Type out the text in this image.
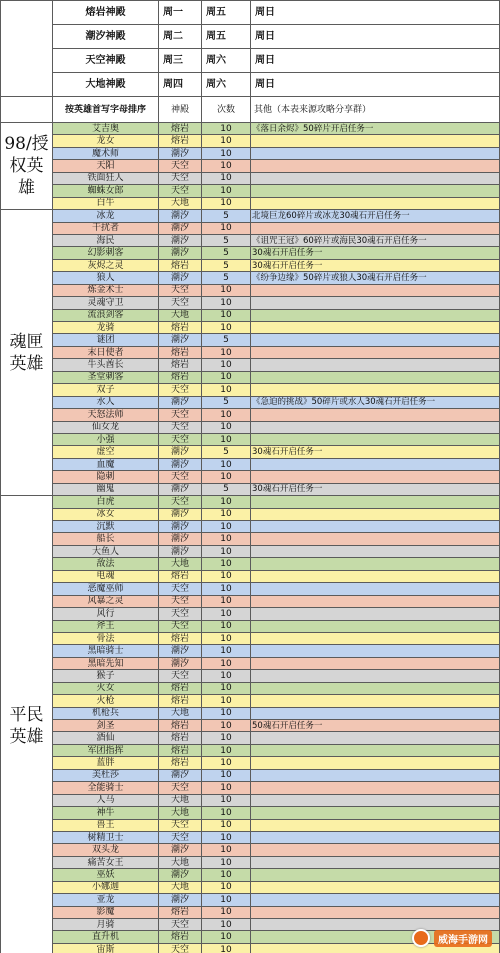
	熔岩神殿	周一	周五	周日
	潮汐神殿	周二	周五	周日
	天空神殿	周三	周六	周日
	大地神殿	周四	周六	周日
	按英雄首写字母排序	神殿	次数	其他（本表来源攻略分享群）
98/授权英雄	艾吉奥	熔岩	10	《落日余烬》50碎片开启任务一
	龙女	熔岩	10	
	魔术师	潮汐	10	
	天阳	天空	10	
	铁面狂人	天空	10	
	蜘蛛女郎	天空	10	
	白牛	大地	10	
魂匣英雄	冰龙	潮汐	5	北境巨龙60碎片或冰龙30魂石开启任务一
	干扰者	潮汐	10	
	海民	潮汐	5	《诅咒王冠》60碎片或海民30魂石开启任务一
	幻影刺客	潮汐	5	30魂石开启任务一
	灰烬之灵	熔岩	5	30魂石开启任务一
	狼人	潮汐	5	《纷争边缘》50碎片或狼人30魂石开启任务一
	炼金术士	天空	10	
	灵魂守卫	天空	10	
	流浪剑客	大地	10	
	龙骑	熔岩	10	
	谜团	潮汐	5	
	末日使者	熔岩	10	
	牛头酋长	熔岩	10	
	圣堂刺客	熔岩	10	
	双子	天空	10	
	水人	潮汐	5	《急迫的挑战》50碎片或水人30魂石开启任务一
	天怒法师	天空	10	
	仙女龙	天空	10	
	小强	天空	10	
	虚空	潮汐	5	30魂石开启任务一
	血魔	潮汐	10	
	隐刺	天空	10	
	幽鬼	潮汐	5	30魂石开启任务一
平民英雄	白虎	天空	10	
	冰女	潮汐	10	
	沉默	潮汐	10	
	船长	潮汐	10	
	大鱼人	潮汐	10	
	敌法	大地	10	
	电魂	熔岩	10	
	恶魔巫师	天空	10	
	风暴之灵	天空	10	
	风行	天空	10	
	斧王	天空	10	
	骨法	熔岩	10	
	黑暗骑士	潮汐	10	
	黑暗先知	潮汐	10	
	猴子	天空	10	
	火女	熔岩	10	
	火枪	熔岩	10	
	机枪兵	大地	10	
	剑圣	熔岩	10	50魂石开启任务一
	酒仙	熔岩	10	
	军团指挥	熔岩	10	
	蓝胖	熔岩	10	
	美杜莎	潮汐	10	
	全能骑士	天空	10	
	人马	大地	10	
	神牛	大地	10	
	兽王	天空	10	
	树精卫士	天空	10	
	双头龙	潮汐	10	
	痛苦女王	大地	10	
	巫妖	潮汐	10	
	小娜迦	大地	10	
	亚龙	潮汐	10	
	影魔	熔岩	10	
	月骑	天空	10	
	直升机	熔岩	10	
	宙斯	天空	10	
威海手游网
